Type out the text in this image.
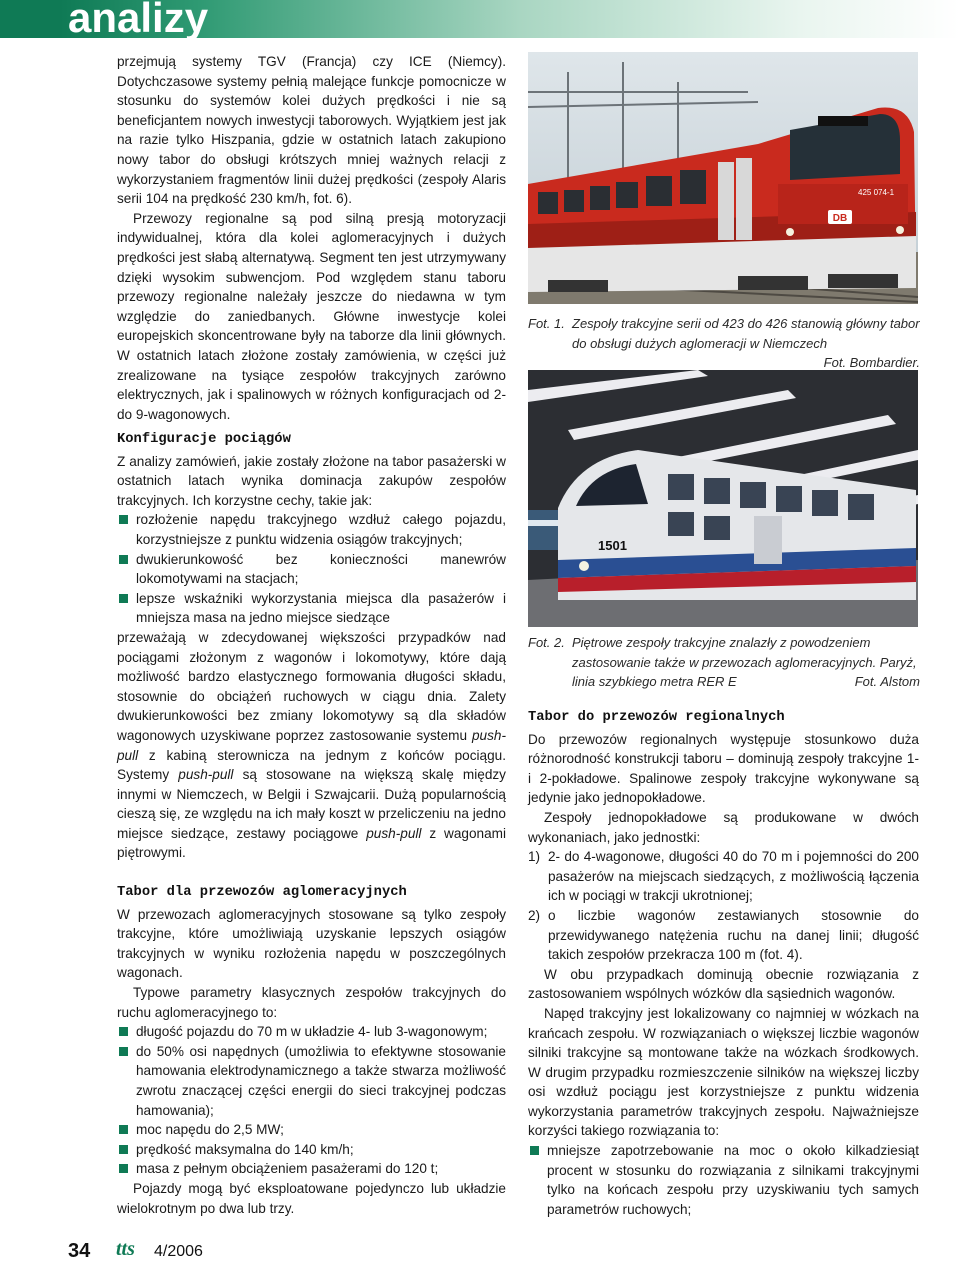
analizy

przejmują systemy TGV (Francja) czy ICE (Niemcy). Dotychczasowe systemy pełnią malejące funkcje pomocnicze w stosunku do systemów kolei dużych prędkości i nie są beneficjantem nowych inwestycji taborowych. Wyjątkiem jest jak na razie tylko Hiszpania, gdzie w ostatnich latach zakupiono nowy tabor do obsługi krótszych mniej ważnych relacji z wykorzystaniem fragmentów linii dużej prędkości (zespoły Alaris serii 104 na prędkość 230 km/h, fot. 6).

Przewozy regionalne są pod silną presją motoryzacji indywidualnej, która dla kolei aglomeracyjnych i dużych prędkości jest słabą alternatywą. Segment ten jest utrzymywany dzięki wysokim subwencjom. Pod względem stanu taboru przewozy regionalne należały jeszcze do niedawna w tym względzie do zaniedbanych. Główne inwestycje kolei europejskich skoncentrowane były na taborze dla linii głównych. W ostatnich latach złożone zostały zamówienia, w części już zrealizowane na tysiące zespołów trakcyjnych zarówno elektrycznych, jak i spalinowych w różnych konfiguracjach od 2- do 9-wagonowych.

Konfiguracje pociągów

Z analizy zamówień, jakie zostały złożone na tabor pasażerski w ostatnich latach wynika dominacja zakupów zespołów trakcyjnych. Ich korzystne cechy, takie jak:

rozłożenie napędu trakcyjnego wzdłuż całego pojazdu, korzystniejsze z punktu widzenia osiągów trakcyjnych;
dwukierunkowość bez konieczności manewrów lokomotywami na stacjach;
lepsze wskaźniki wykorzystania miejsca dla pasażerów i mniejsza masa na jedno miejsce siedzące

przeważają w zdecydowanej większości przypadków nad pociągami złożonym z wagonów i lokomotywy, które dają możliwość bardzo elastycznego formowania długości składu, stosownie do obciążeń ruchowych w ciągu dnia. Zalety dwukierunkowości bez zmiany lokomotywy są dla składów wagonowych uzyskiwane poprzez zastosowanie systemu push-pull z kabiną sterownicza na jednym z końców pociągu. Systemy push-pull są stosowane na większą skalę między innymi w Niemczech, w Belgii i Szwajcarii. Dużą popularnością cieszą się, ze względu na ich mały koszt w przeliczeniu na jedno miejsce siedzące, zestawy pociągowe push-pull z wagonami piętrowymi.

Tabor dla przewozów aglomeracyjnych

W przewozach aglomeracyjnych stosowane są tylko zespoły trakcyjne, które umożliwiają uzyskanie lepszych osiągów trakcyjnych w wyniku rozłożenia napędu w poszczególnych wagonach.

Typowe parametry klasycznych zespołów trakcyjnych do ruchu aglomeracyjnego to:

długość pojazdu do 70 m w układzie 4- lub 3-wagonowym;
do 50% osi napędnych (umożliwia to efektywne stosowanie hamowania elektrodynamicznego a także stwarza możliwość zwrotu znaczącej części energii do sieci trakcyjnej podczas hamowania);
moc napędu do 2,5 MW;
prędkość maksymalna do 140 km/h;
masa z pełnym obciążeniem pasażerami do 120 t;

Pojazdy mogą być eksploatowane pojedynczo lub układzie wielokrotnym po dwa lub trzy.

DB
425 074-1
Fot. 1. Zespoły trakcyjne serii od 423 do 426 stanowią główny tabor do obsługi dużych aglomeracji w Niemczech
Fot. Bombardier.
1501
Fot. 2. Piętrowe zespoły trakcyjne znalazły z powodzeniem zastosowanie także w przewozach aglomeracyjnych. Paryż, linia szybkiego metra RER E	Fot. Alstom
Tabor do przewozów regionalnych

Do przewozów regionalnych występuje stosunkowo duża różnorodność konstrukcji taboru – dominują zespoły trakcyjne 1- i 2-pokładowe. Spalinowe zespoły trakcyjne wykonywane są jedynie jako jednopokładowe.

Zespoły jednopokładowe są produkowane w dwóch wykonaniach, jako jednostki:

1) 2- do 4-wagonowe, długości 40 do 70 m i pojemności do 200 pasażerów na miejscach siedzących, z możliwością łączenia ich w pociągi w trakcji ukrotnionej;
2) o liczbie wagonów zestawianych stosownie do przewidywanego natężenia ruchu na danej linii; długość takich zespołów przekracza 100 m (fot. 4).

W obu przypadkach dominują obecnie rozwiązania z zastosowaniem wspólnych wózków dla sąsiednich wagonów.

Napęd trakcyjny jest lokalizowany co najmniej w wózkach na krańcach zespołu. W rozwiązaniach o większej liczbie wagonów silniki trakcyjne są montowane także na wózkach środkowych. W drugim przypadku rozmieszczenie silników na większej liczby osi wzdłuż pociągu jest korzystniejsze z punktu widzenia wykorzystania parametrów trakcyjnych zespołu. Najważniejsze korzyści takiego rozwiązania to:

mniejsze zapotrzebowanie na moc o około kilkadziesiąt procent w stosunku do rozwiązania z silnikami trakcyjnymi tylko na końcach zespołu przy uzyskiwaniu tych samych parametrów ruchowych;
34 tts 4/2006
